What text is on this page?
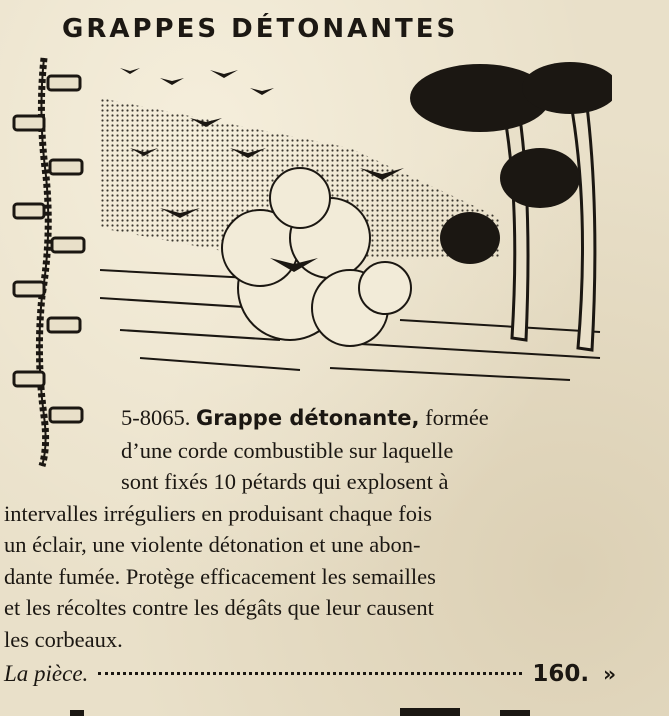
GRAPPES DÉTONANTES
5-8065. Grappe détonante, formée
d’une corde combustible sur laquelle
sont fixés 10 pétards qui explosent à
intervalles irréguliers en produisant chaque fois
un éclair, une violente détonation et une abon-
dante fumée. Protège efficacement les semailles
et les récoltes contre les dégâts que leur causent
les corbeaux.
La pièce.	160. »
